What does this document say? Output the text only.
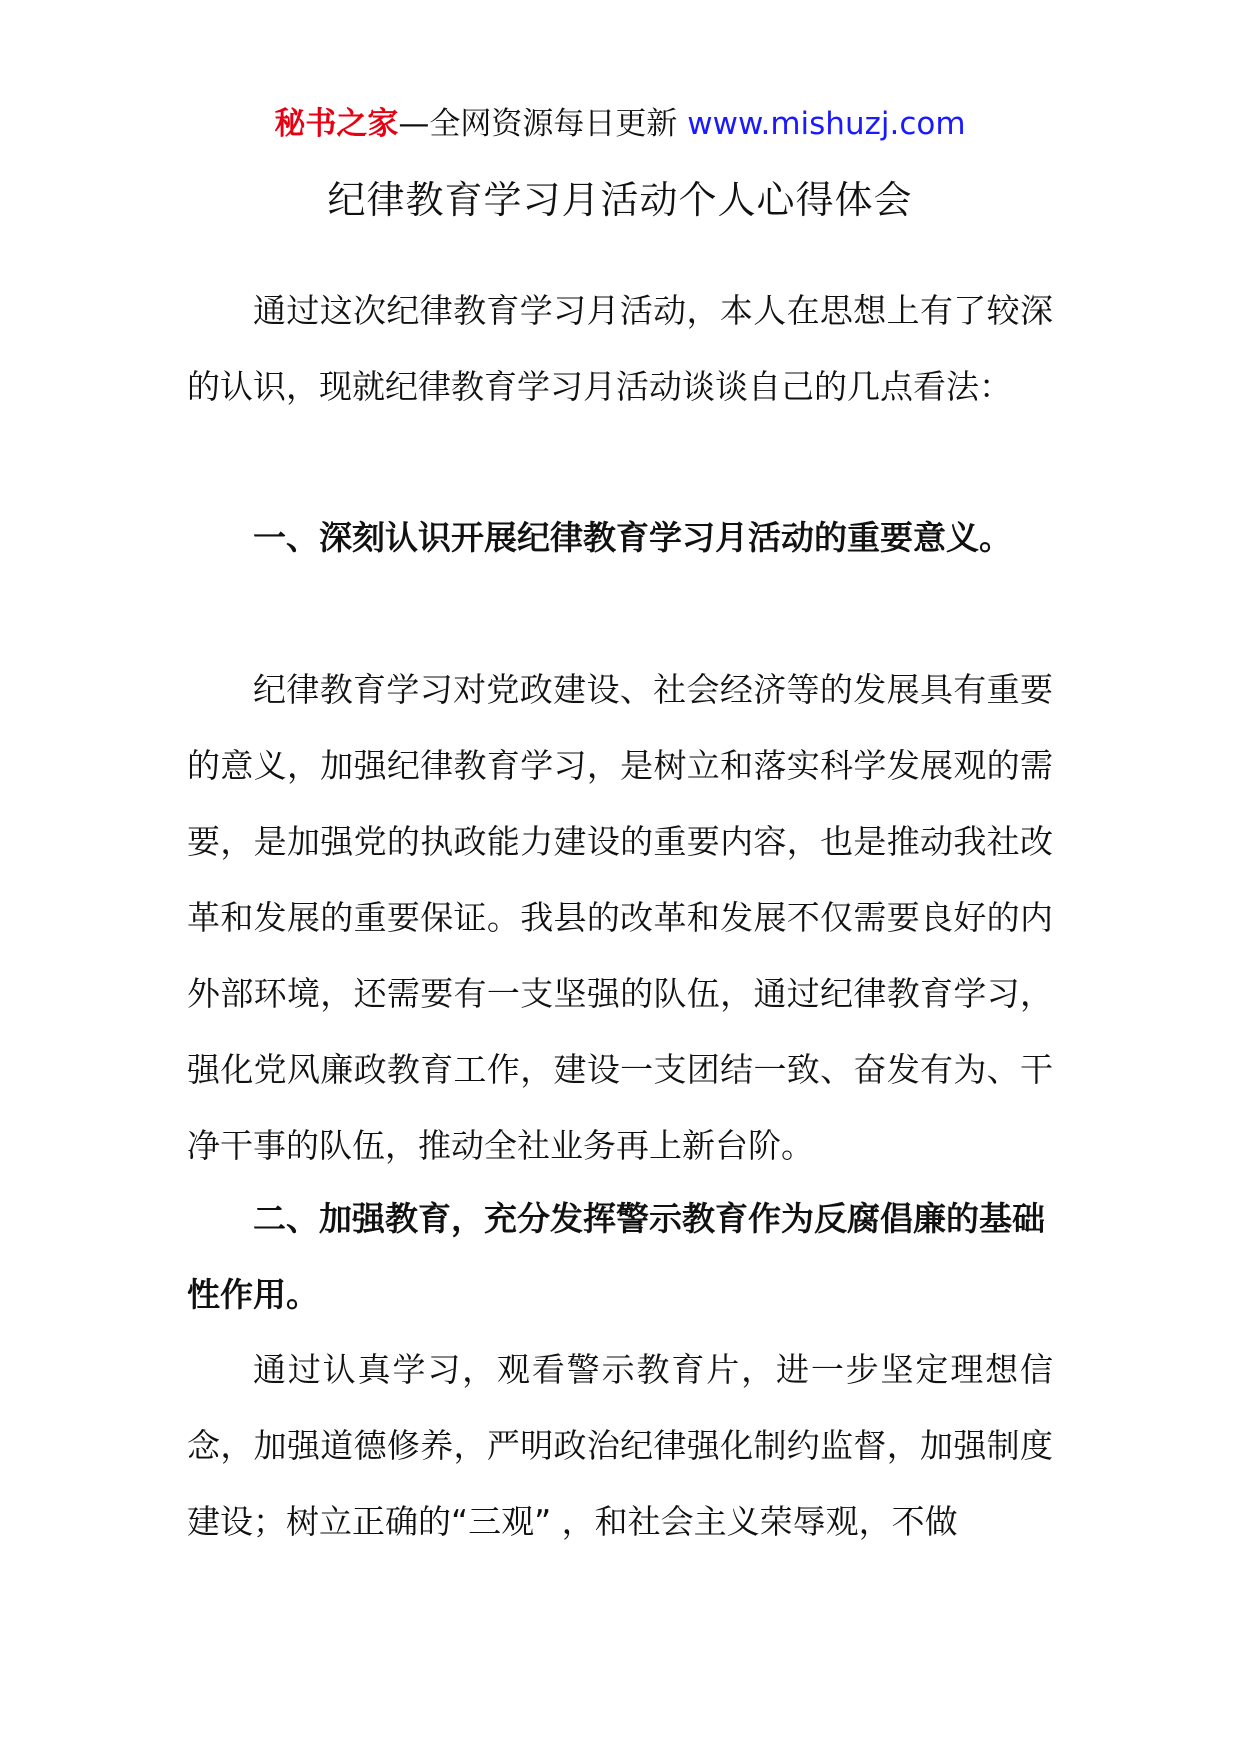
秘书之家—全网资源每日更新 www.mishuzj.com
纪律教育学习月活动个人心得体会

通过这次纪律教育学习月活动，本人在思想上有了较深的认识，现就纪律教育学习月活动谈谈自己的几点看法：

一、深刻认识开展纪律教育学习月活动的重要意义。

纪律教育学习对党政建设、社会经济等的发展具有重要的意义，加强纪律教育学习，是树立和落实科学发展观的需要，是加强党的执政能力建设的重要内容，也是推动我社改革和发展的重要保证。我县的改革和发展不仅需要良好的内外部环境，还需要有一支坚强的队伍，通过纪律教育学习，强化党风廉政教育工作，建设一支团结一致、奋发有为、干净干事的队伍，推动全社业务再上新台阶。

二、加强教育，充分发挥警示教育作为反腐倡廉的基础性作用。

通过认真学习，观看警示教育片，进一步坚定理想信念，加强道德修养，严明政治纪律强化制约监督，加强制度建设；树立正确的“三观” ，和社会主义荣辱观，不做
